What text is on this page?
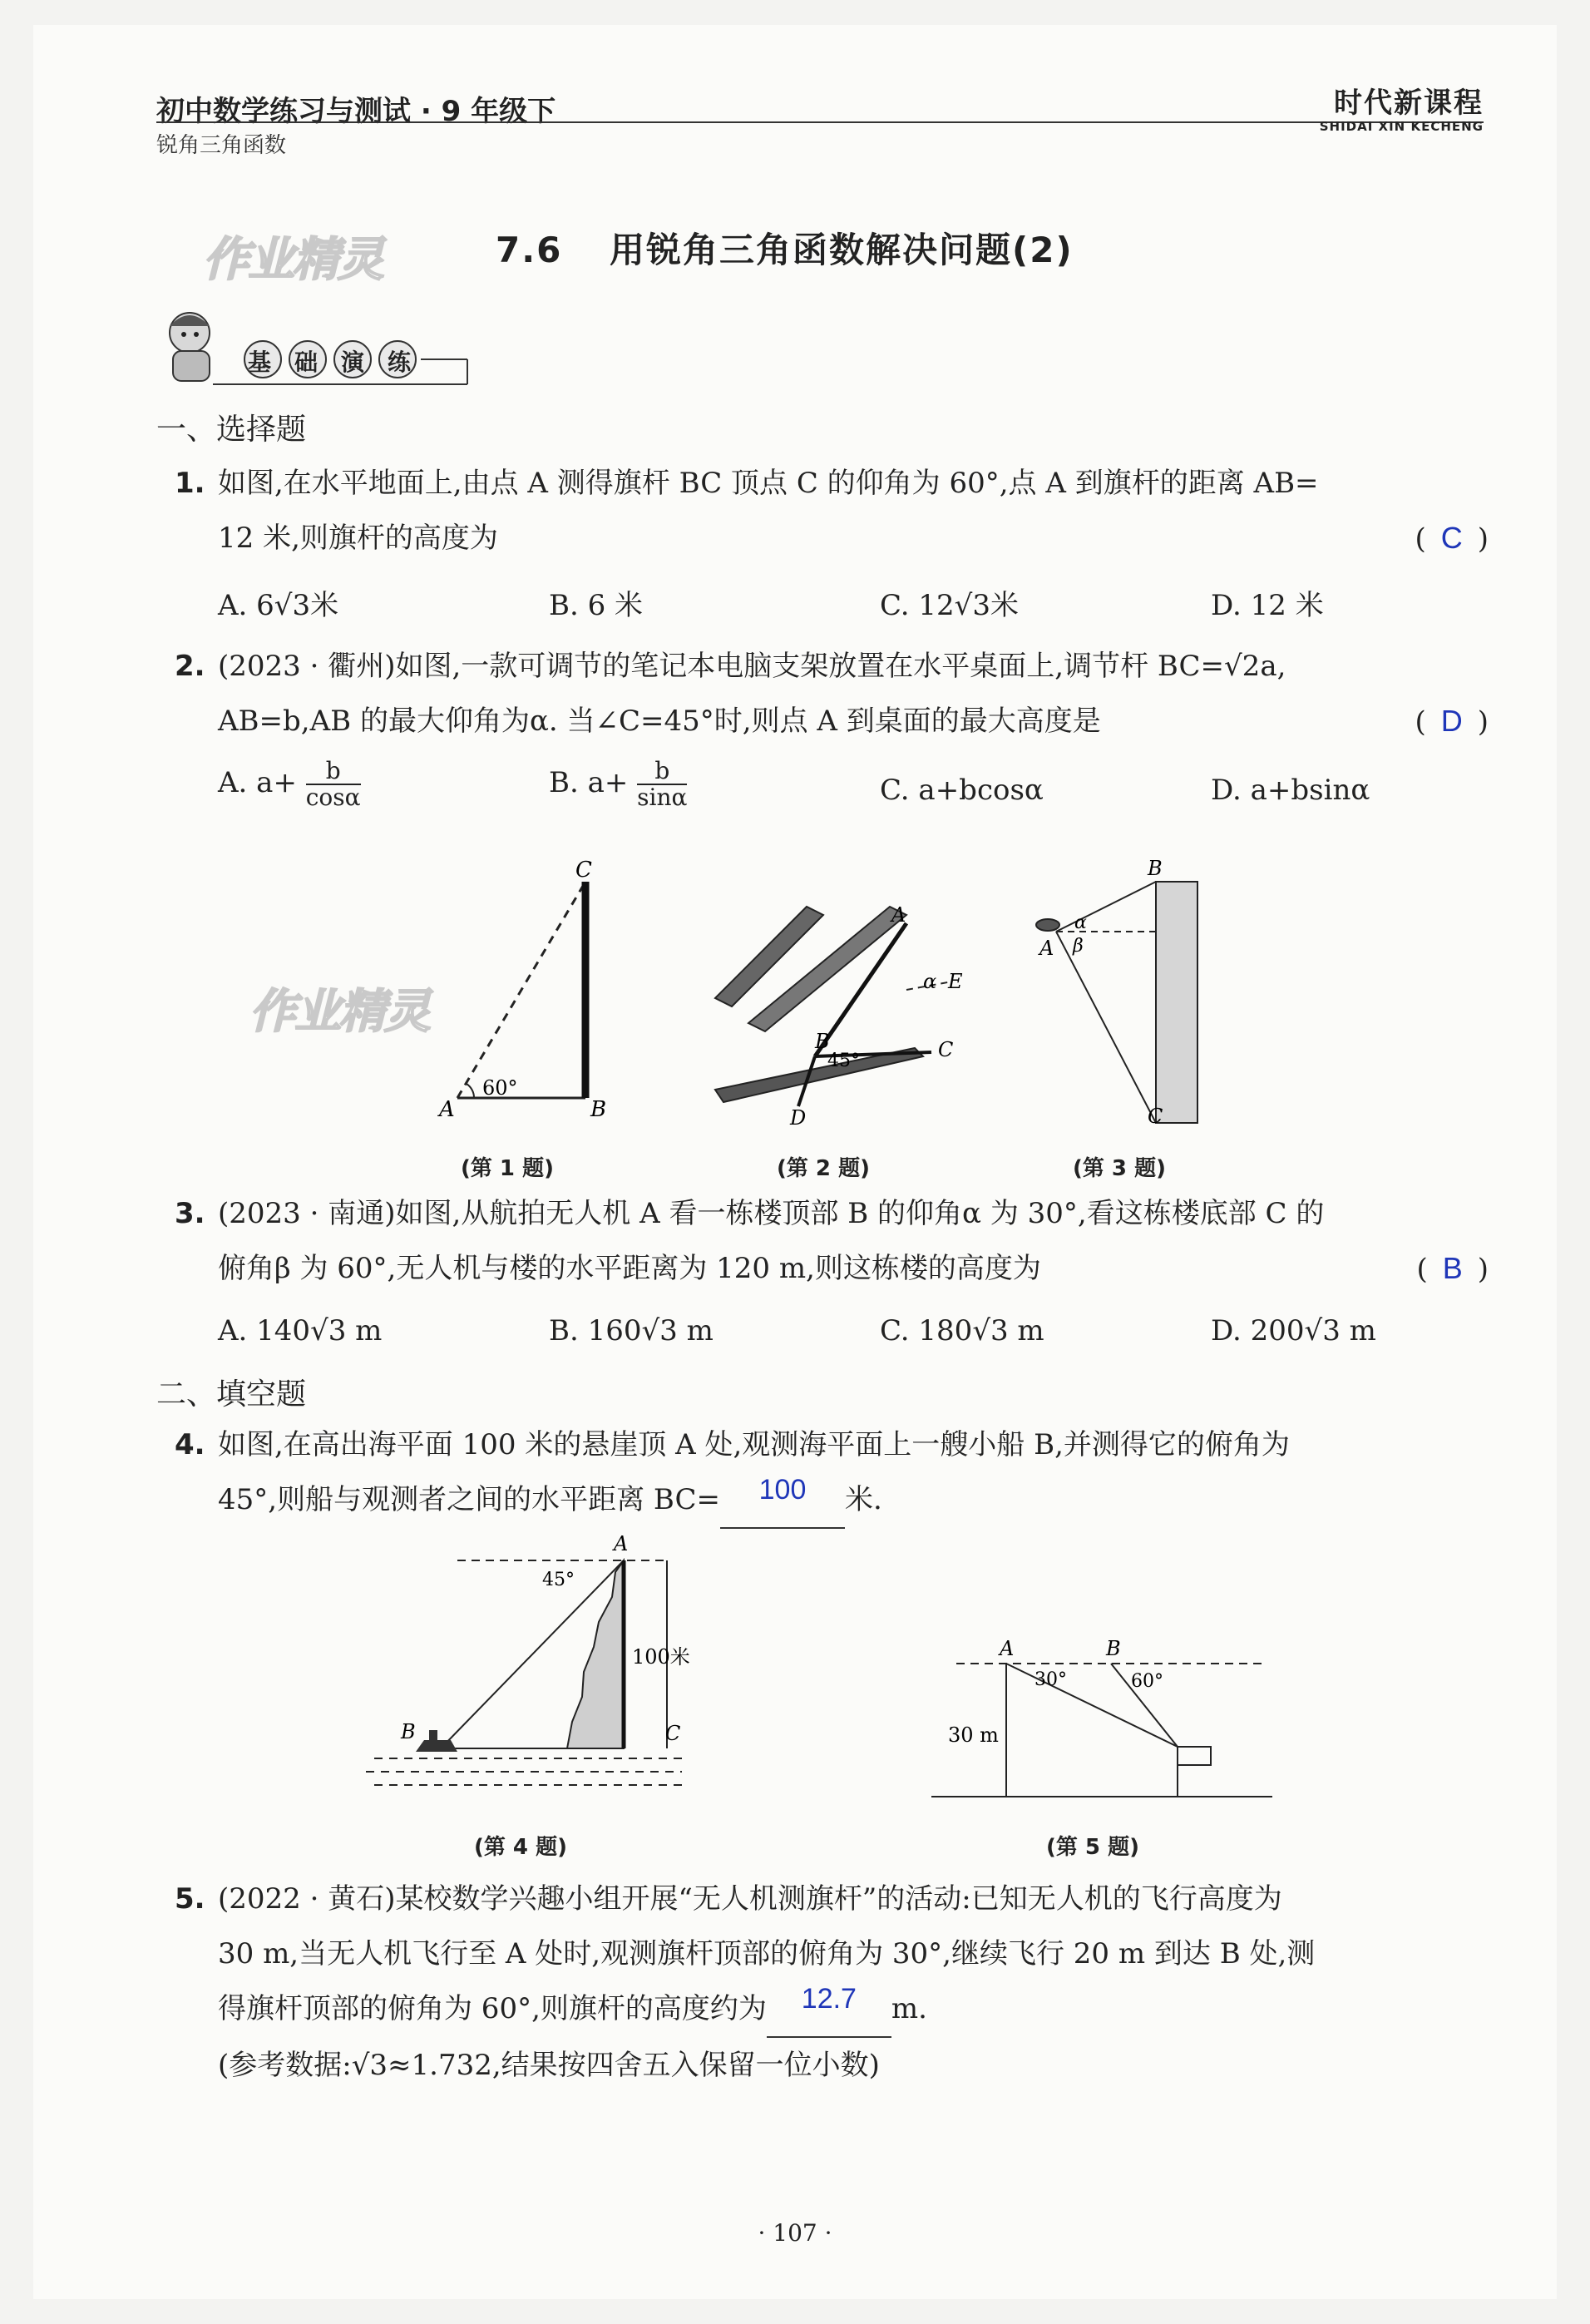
初中数学练习与测试 · 9 年级下
锐角三角函数
时代新课程
SHIDAI XIN KECHENG
作业精灵
作业精灵
7.6 用锐角三角函数解决问题(2)
基础演练
一、选择题
1. 如图,在水平地面上,由点 A 测得旗杆 BC 顶点 C 的仰角为 60°,点 A 到旗杆的距离 AB=
12 米,则旗杆的高度为	( C )
A. 6√3米	B. 6 米	C. 12√3米	D. 12 米
2. (2023 · 衢州)如图,一款可调节的笔记本电脑支架放置在水平桌面上,调节杆 BC=√2a,
AB=b,AB 的最大仰角为α. 当∠C=45°时,则点 A 到桌面的最大高度是	( D )
A. $a+ \frac{b}{\cos\alpha}$	B. $a+ \frac{b}{\sin\alpha}$	C. a+bcosα	D. a+bsinα
C
A	B
60°
(第 1 题)
A
α E
B
45°	C
D
(第 2 题)
B
A
α
β
C
(第 3 题)
3. (2023 · 南通)如图,从航拍无人机 A 看一栋楼顶部 B 的仰角α 为 30°,看这栋楼底部 C 的
俯角β 为 60°,无人机与楼的水平距离为 120 m,则这栋楼的高度为	( B )
A. 140√3 m	B. 160√3 m	C. 180√3 m	D. 200√3 m
二、填空题
4. 如图,在高出海平面 100 米的悬崖顶 A 处,观测海平面上一艘小船 B,并测得它的俯角为
45°,则船与观测者之间的水平距离 BC= 100 米.
A
45°
100米
B	C
(第 4 题)
A	B
30°	60°
30 m
(第 5 题)
5. (2022 · 黄石)某校数学兴趣小组开展“无人机测旗杆”的活动:已知无人机的飞行高度为
30 m,当无人机飞行至 A 处时,观测旗杆顶部的俯角为 30°,继续飞行 20 m 到达 B 处,测
得旗杆顶部的俯角为 60°,则旗杆的高度约为 12.7 m.
(参考数据:√3≈1.732,结果按四舍五入保留一位小数)
· 107 ·
